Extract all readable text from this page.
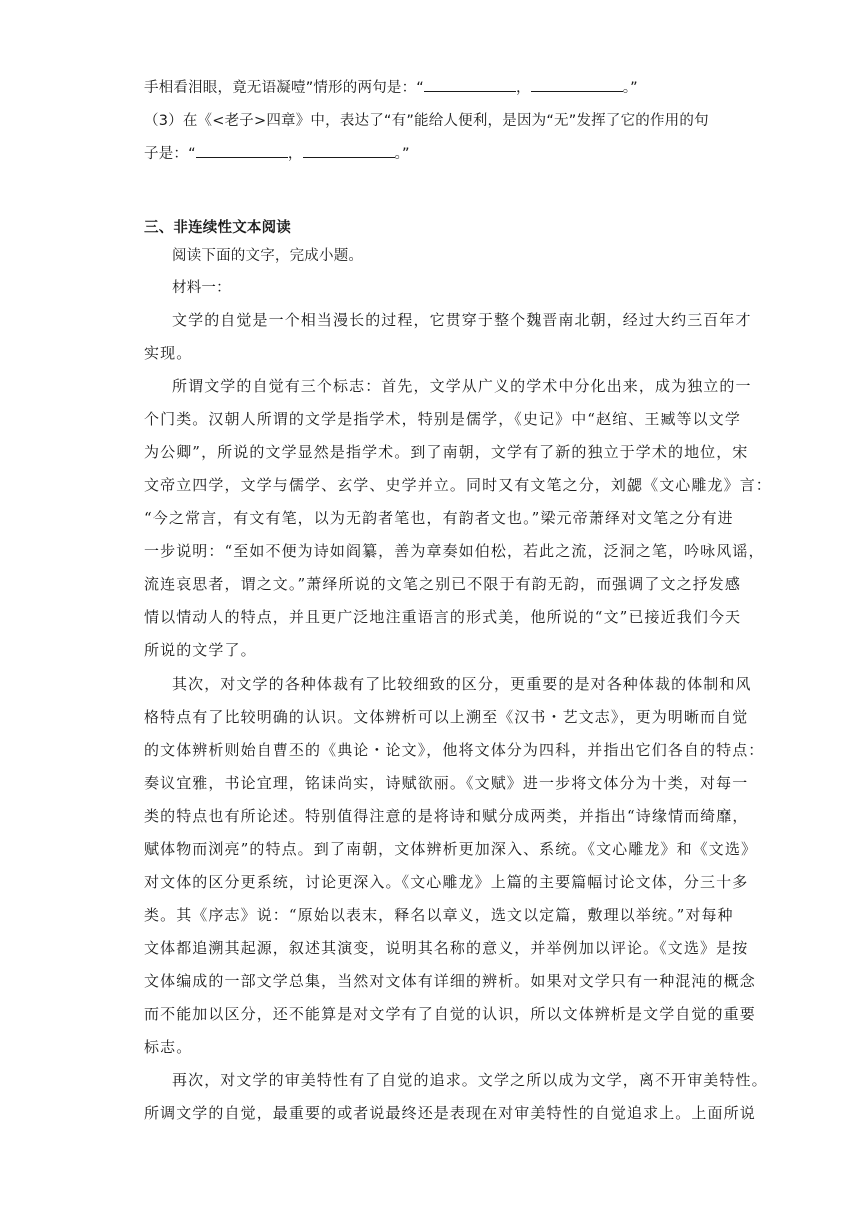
手相看泪眼，竟无语凝噎”情形的两句是：“	，	。”
（3）在《<老子>四章》中，表达了“有”能给人便利，是因为“无”发挥了它的作用的句
子是：“	，	。”
三、非连续性文本阅读
阅读下面的文字，完成小题。
材料一：
文学的自觉是一个相当漫长的过程，它贯穿于整个魏晋南北朝，经过大约三百年才
实现。
所谓文学的自觉有三个标志：首先，文学从广义的学术中分化出来，成为独立的一
个门类。汉朝人所谓的文学是指学术，特别是儒学，《史记》中“赵绾、王臧等以文学
为公卿”，所说的文学显然是指学术。到了南朝，文学有了新的独立于学术的地位，宋
文帝立四学，文学与儒学、玄学、史学并立。同时又有文笔之分，刘勰《文心雕龙》言：
“今之常言，有文有笔，以为无韵者笔也，有韵者文也。”梁元帝萧绎对文笔之分有进
一步说明：“至如不便为诗如阎纂，善为章奏如伯松，若此之流，泛洞之笔，吟咏风谣，
流连哀思者，谓之文。”萧绎所说的文笔之别已不限于有韵无韵，而强调了文之抒发感
情以情动人的特点，并且更广泛地注重语言的形式美，他所说的“文”已接近我们今天
所说的文学了。
其次，对文学的各种体裁有了比较细致的区分，更重要的是对各种体裁的体制和风
格特点有了比较明确的认识。文体辨析可以上溯至《汉书・艺文志》，更为明晰而自觉
的文体辨析则始自曹丕的《典论・论文》，他将文体分为四科，并指出它们各自的特点：
奏议宜雅，书论宜理，铭诔尚实，诗赋欲丽。《文赋》进一步将文体分为十类，对每一
类的特点也有所论述。特别值得注意的是将诗和赋分成两类，并指出“诗缘情而绮靡，
赋体物而浏亮”的特点。到了南朝，文体辨析更加深入、系统。《文心雕龙》和《文选》
对文体的区分更系统，讨论更深入。《文心雕龙》上篇的主要篇幅讨论文体，分三十多
类。其《序志》说：“原始以表末，释名以章义，选文以定篇，敷理以举统。”对每种
文体都追溯其起源，叙述其演变，说明其名称的意义，并举例加以评论。《文选》是按
文体编成的一部文学总集，当然对文体有详细的辨析。如果对文学只有一种混沌的概念
而不能加以区分，还不能算是对文学有了自觉的认识，所以文体辨析是文学自觉的重要
标志。
再次，对文学的审美特性有了自觉的追求。文学之所以成为文学，离不开审美特性。
所调文学的自觉，最重要的或者说最终还是表现在对审美特性的自觉追求上。上面所说
